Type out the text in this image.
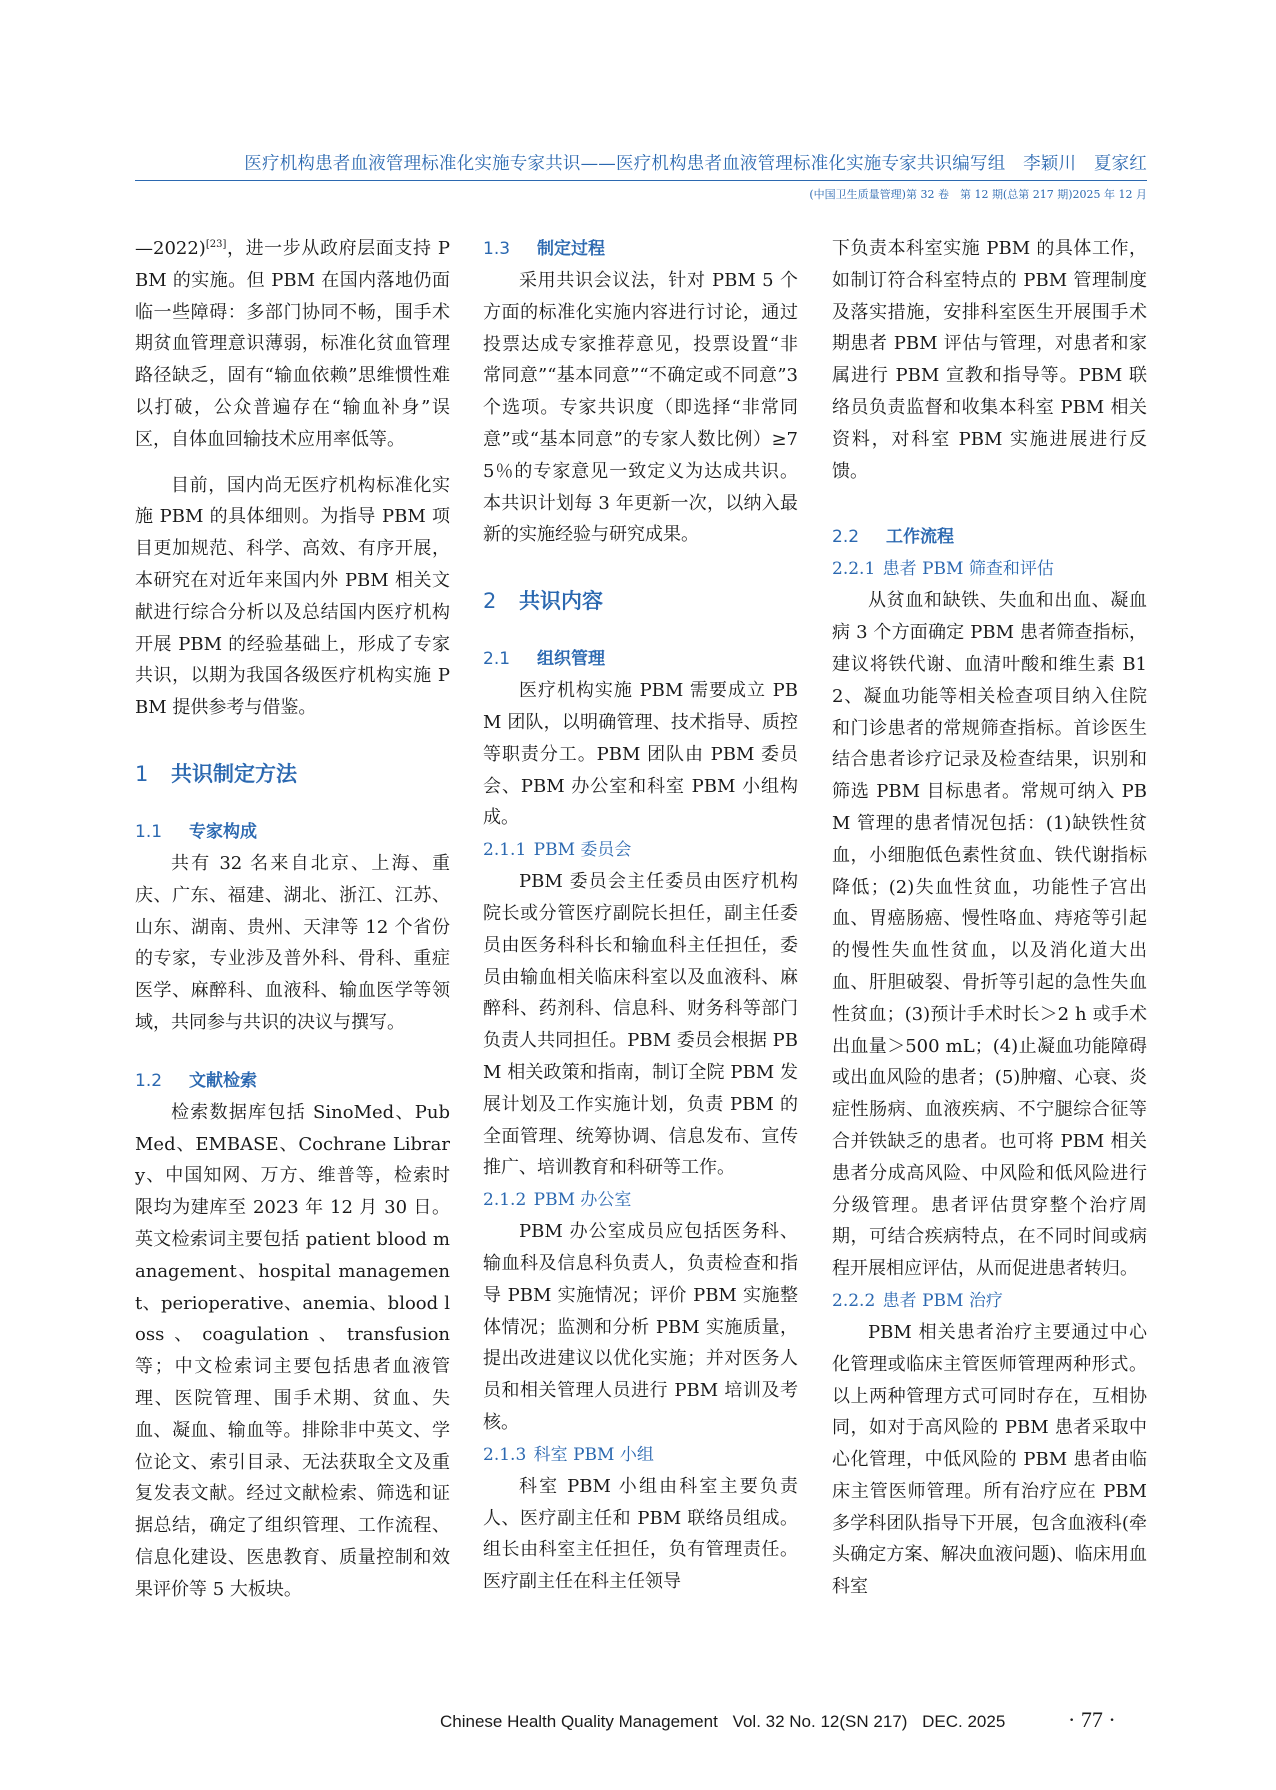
医疗机构患者血液管理标准化实施专家共识——医疗机构患者血液管理标准化实施专家共识编写组　李颖川　夏家红
(中国卫生质量管理)第 32 卷　第 12 期(总第 217 期)2025 年 12 月

—2022)[23]，进一步从政府层面支持 PBM 的实施。但 PBM 在国内落地仍面临一些障碍：多部门协同不畅，围手术期贫血管理意识薄弱，标准化贫血管理路径缺乏，固有“输血依赖”思维惯性难以打破，公众普遍存在“输血补身”误区，自体血回输技术应用率低等。

目前，国内尚无医疗机构标准化实施 PBM 的具体细则。为指导 PBM 项目更加规范、科学、高效、有序开展，本研究在对近年来国内外 PBM 相关文献进行综合分析以及总结国内医疗机构开展 PBM 的经验基础上，形成了专家共识，以期为我国各级医疗机构实施 PBM 提供参考与借鉴。

1 共识制定方法

1.1 专家构成

共有 32 名来自北京、上海、重庆、广东、福建、湖北、浙江、江苏、山东、湖南、贵州、天津等 12 个省份的专家，专业涉及普外科、骨科、重症医学、麻醉科、血液科、输血医学等领域，共同参与共识的决议与撰写。

1.2 文献检索

检索数据库包括 SinoMed、PubMed、EMBASE、Cochrane Library、中国知网、万方、维普等，检索时限均为建库至 2023 年 12 月 30 日。英文检索词主要包括 patient blood management、hospital management、perioperative、anemia、blood loss、coagulation、transfusion 等；中文检索词主要包括患者血液管理、医院管理、围手术期、贫血、失血、凝血、输血等。排除非中英文、学位论文、索引目录、无法获取全文及重复发表文献。经过文献检索、筛选和证据总结，确定了组织管理、工作流程、信息化建设、医患教育、质量控制和效果评价等 5 大板块。

1.3 制定过程

采用共识会议法，针对 PBM 5 个方面的标准化实施内容进行讨论，通过投票达成专家推荐意见，投票设置“非常同意”“基本同意”“不确定或不同意”3 个选项。专家共识度（即选择“非常同意”或“基本同意”的专家人数比例）≥75％的专家意见一致定义为达成共识。本共识计划每 3 年更新一次，以纳入最新的实施经验与研究成果。

2 共识内容

2.1 组织管理

医疗机构实施 PBM 需要成立 PBM 团队，以明确管理、技术指导、质控等职责分工。PBM 团队由 PBM 委员会、PBM 办公室和科室 PBM 小组构成。

2.1.1 PBM 委员会

PBM 委员会主任委员由医疗机构院长或分管医疗副院长担任，副主任委员由医务科科长和输血科主任担任，委员由输血相关临床科室以及血液科、麻醉科、药剂科、信息科、财务科等部门负责人共同担任。PBM 委员会根据 PBM 相关政策和指南，制订全院 PBM 发展计划及工作实施计划，负责 PBM 的全面管理、统筹协调、信息发布、宣传推广、培训教育和科研等工作。

2.1.2 PBM 办公室

PBM 办公室成员应包括医务科、输血科及信息科负责人，负责检查和指导 PBM 实施情况；评价 PBM 实施整体情况；监测和分析 PBM 实施质量，提出改进建议以优化实施；并对医务人员和相关管理人员进行 PBM 培训及考核。

2.1.3 科室 PBM 小组

科室 PBM 小组由科室主要负责人、医疗副主任和 PBM 联络员组成。组长由科室主任担任，负有管理责任。医疗副主任在科主任领导

下负责本科室实施 PBM 的具体工作，如制订符合科室特点的 PBM 管理制度及落实措施，安排科室医生开展围手术期患者 PBM 评估与管理，对患者和家属进行 PBM 宣教和指导等。PBM 联络员负责监督和收集本科室 PBM 相关资料，对科室 PBM 实施进展进行反馈。

2.2 工作流程

2.2.1 患者 PBM 筛查和评估

从贫血和缺铁、失血和出血、凝血病 3 个方面确定 PBM 患者筛查指标，建议将铁代谢、血清叶酸和维生素 B12、凝血功能等相关检查项目纳入住院和门诊患者的常规筛查指标。首诊医生结合患者诊疗记录及检查结果，识别和筛选 PBM 目标患者。常规可纳入 PBM 管理的患者情况包括：(1)缺铁性贫血，小细胞低色素性贫血、铁代谢指标降低；(2)失血性贫血，功能性子宫出血、胃癌肠癌、慢性咯血、痔疮等引起的慢性失血性贫血，以及消化道大出血、肝胆破裂、骨折等引起的急性失血性贫血；(3)预计手术时长＞2 h 或手术出血量＞500 mL；(4)止凝血功能障碍或出血风险的患者；(5)肿瘤、心衰、炎症性肠病、血液疾病、不宁腿综合征等合并铁缺乏的患者。也可将 PBM 相关患者分成高风险、中风险和低风险进行分级管理。患者评估贯穿整个治疗周期，可结合疾病特点，在不同时间或病程开展相应评估，从而促进患者转归。

2.2.2 患者 PBM 治疗

PBM 相关患者治疗主要通过中心化管理或临床主管医师管理两种形式。以上两种管理方式可同时存在，互相协同，如对于高风险的 PBM 患者采取中心化管理，中低风险的 PBM 患者由临床主管医师管理。所有治疗应在 PBM 多学科团队指导下开展，包含血液科(牵头确定方案、解决血液问题)、临床用血科室

Chinese Health Quality Management Vol. 32 No. 12(SN 217) DEC. 2025	· 77 ·
